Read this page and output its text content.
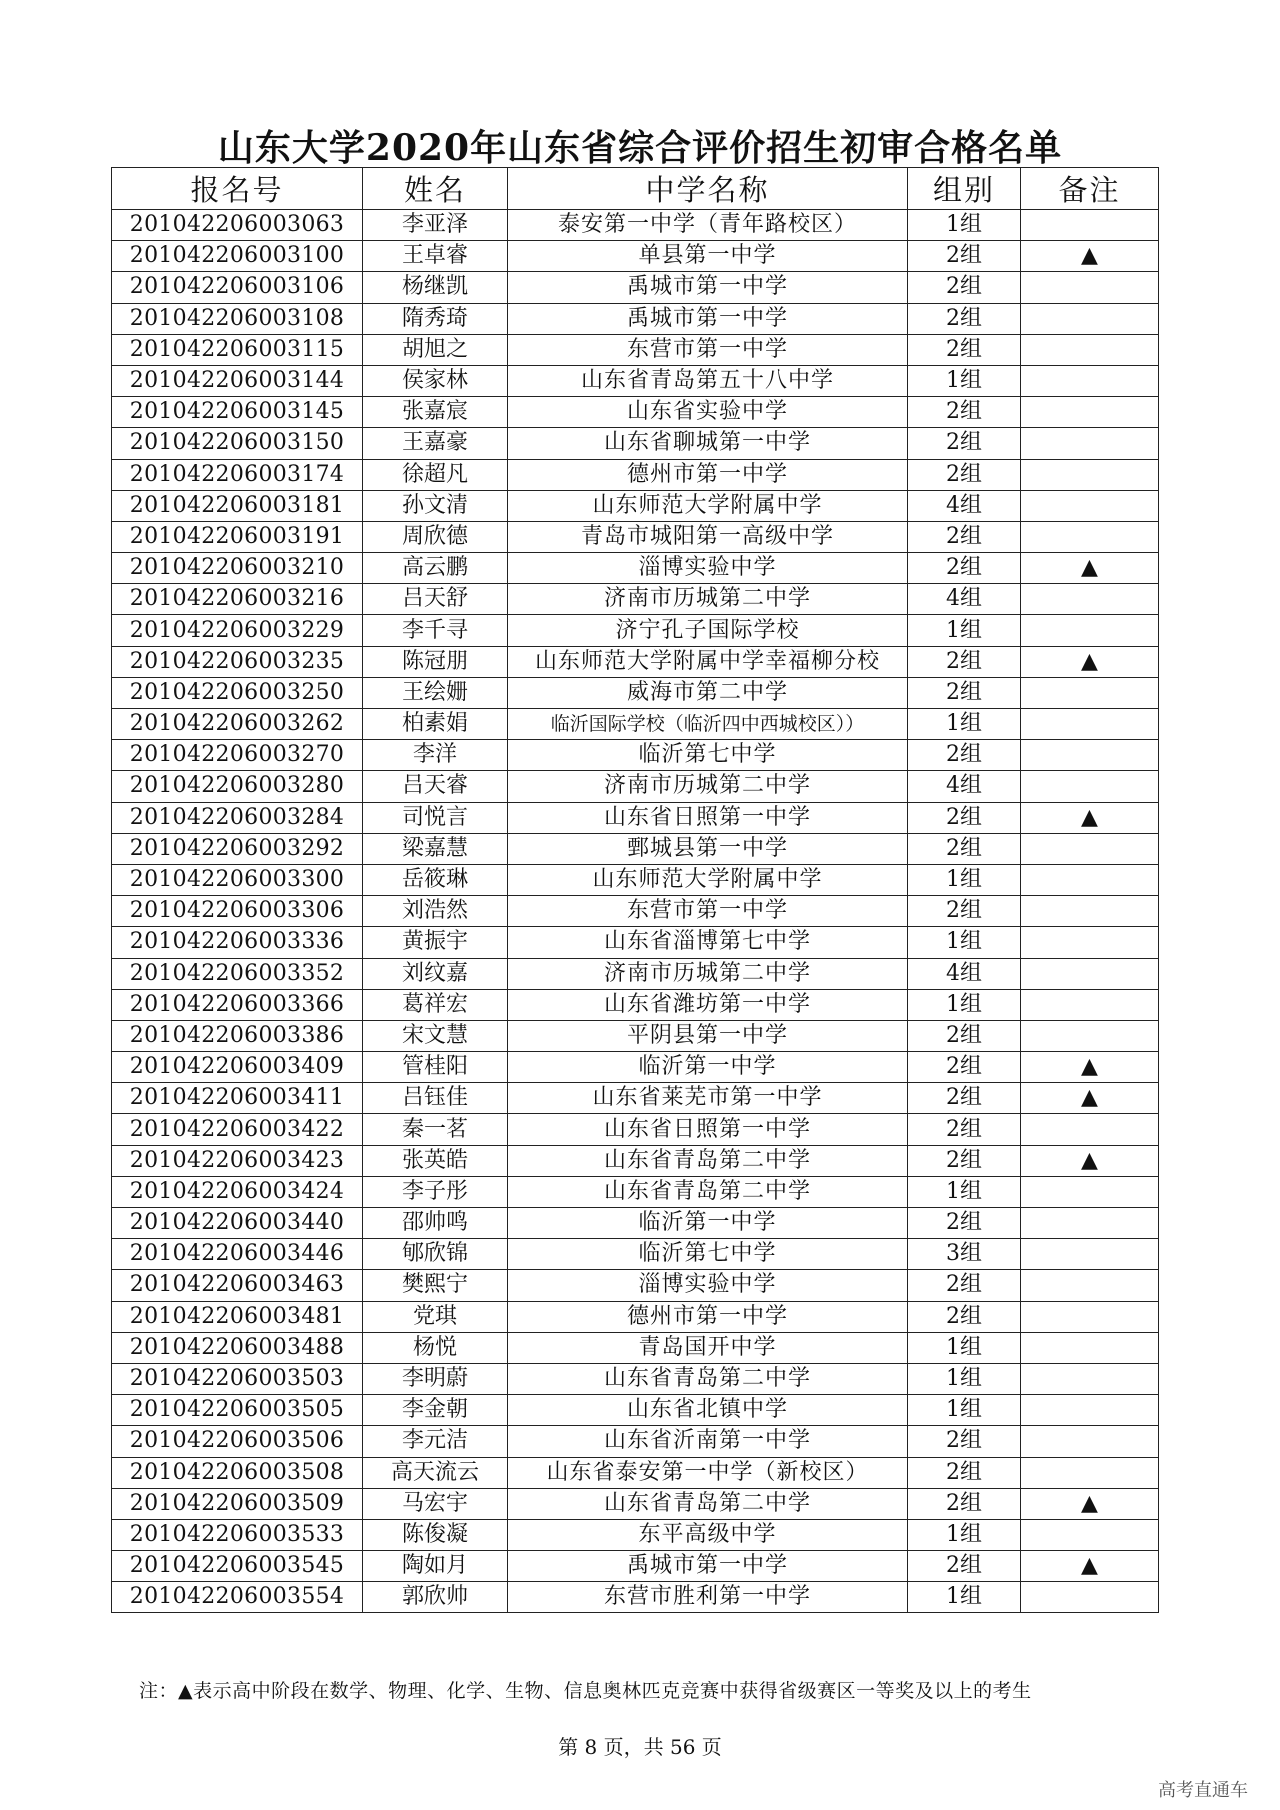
山东大学2020年山东省综合评价招生初审合格名单
报名号	姓名	中学名称	组别	备注
201042206003063	李亚泽	泰安第一中学（青年路校区）	1组	
201042206003100	王卓睿	单县第一中学	2组	▲
201042206003106	杨继凯	禹城市第一中学	2组	
201042206003108	隋秀琦	禹城市第一中学	2组	
201042206003115	胡旭之	东营市第一中学	2组	
201042206003144	侯家林	山东省青岛第五十八中学	1组	
201042206003145	张嘉宸	山东省实验中学	2组	
201042206003150	王嘉豪	山东省聊城第一中学	2组	
201042206003174	徐超凡	德州市第一中学	2组	
201042206003181	孙文清	山东师范大学附属中学	4组	
201042206003191	周欣德	青岛市城阳第一高级中学	2组	
201042206003210	高云鹏	淄博实验中学	2组	▲
201042206003216	吕天舒	济南市历城第二中学	4组	
201042206003229	李千寻	济宁孔子国际学校	1组	
201042206003235	陈冠朋	山东师范大学附属中学幸福柳分校	2组	▲
201042206003250	王绘姗	威海市第二中学	2组	
201042206003262	柏素娟	临沂国际学校（临沂四中西城校区））	1组	
201042206003270	李洋	临沂第七中学	2组	
201042206003280	吕天睿	济南市历城第二中学	4组	
201042206003284	司悦言	山东省日照第一中学	2组	▲
201042206003292	梁嘉慧	鄄城县第一中学	2组	
201042206003300	岳筱琳	山东师范大学附属中学	1组	
201042206003306	刘浩然	东营市第一中学	2组	
201042206003336	黄振宇	山东省淄博第七中学	1组	
201042206003352	刘纹嘉	济南市历城第二中学	4组	
201042206003366	葛祥宏	山东省潍坊第一中学	1组	
201042206003386	宋文慧	平阴县第一中学	2组	
201042206003409	管桂阳	临沂第一中学	2组	▲
201042206003411	吕钰佳	山东省莱芜市第一中学	2组	▲
201042206003422	秦一茗	山东省日照第一中学	2组	
201042206003423	张英皓	山东省青岛第二中学	2组	▲
201042206003424	李子彤	山东省青岛第二中学	1组	
201042206003440	邵帅鸣	临沂第一中学	2组	
201042206003446	郇欣锦	临沂第七中学	3组	
201042206003463	樊熙宁	淄博实验中学	2组	
201042206003481	党琪	德州市第一中学	2组	
201042206003488	杨悦	青岛国开中学	1组	
201042206003503	李明蔚	山东省青岛第二中学	1组	
201042206003505	李金朝	山东省北镇中学	1组	
201042206003506	李元洁	山东省沂南第一中学	2组	
201042206003508	高天流云	山东省泰安第一中学（新校区）	2组	
201042206003509	马宏宇	山东省青岛第二中学	2组	▲
201042206003533	陈俊凝	东平高级中学	1组	
201042206003545	陶如月	禹城市第一中学	2组	▲
201042206003554	郭欣帅	东营市胜利第一中学	1组	
注：▲表示高中阶段在数学、物理、化学、生物、信息奥林匹克竞赛中获得省级赛区一等奖及以上的考生
第 8 页，共 56 页
高考直通车
